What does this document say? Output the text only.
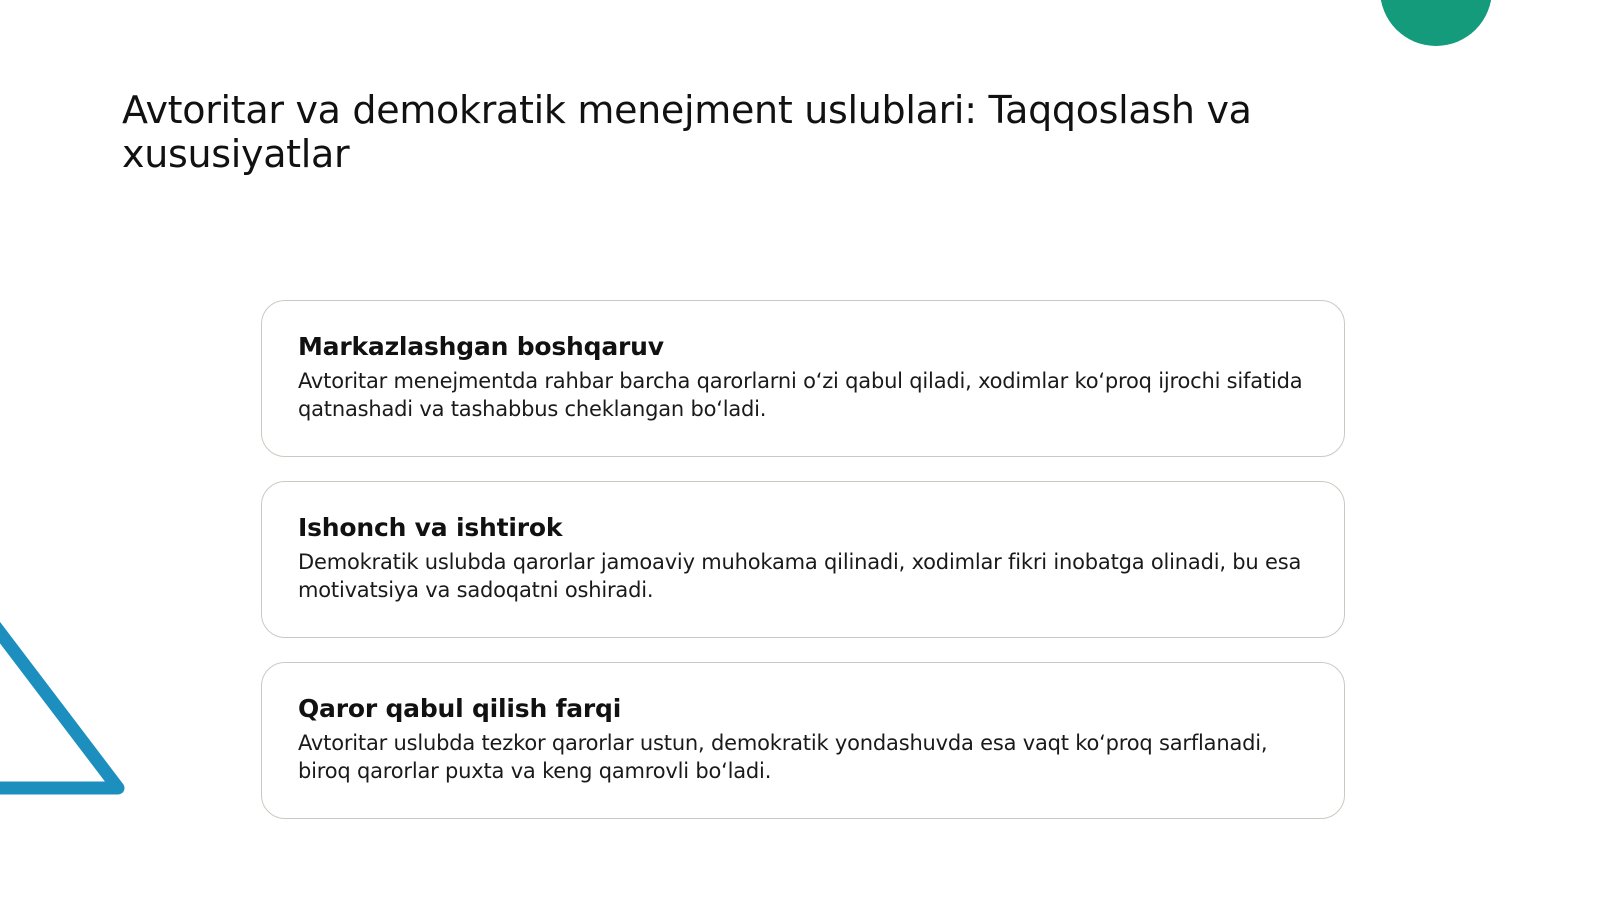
Avtoritar va demokratik menejment uslublari: Taqqoslash va xususiyatlar
Markazlashgan boshqaruv

Avtoritar menejmentda rahbar barcha qarorlarni o‘zi qabul qiladi, xodimlar ko‘proq ijrochi sifatida qatnashadi va tashabbus cheklangan bo‘ladi.

Ishonch va ishtirok

Demokratik uslubda qarorlar jamoaviy muhokama qilinadi, xodimlar fikri inobatga olinadi, bu esa motivatsiya va sadoqatni oshiradi.

Qaror qabul qilish farqi

Avtoritar uslubda tezkor qarorlar ustun, demokratik yondashuvda esa vaqt ko‘proq sarflanadi, biroq qarorlar puxta va keng qamrovli bo‘ladi.
